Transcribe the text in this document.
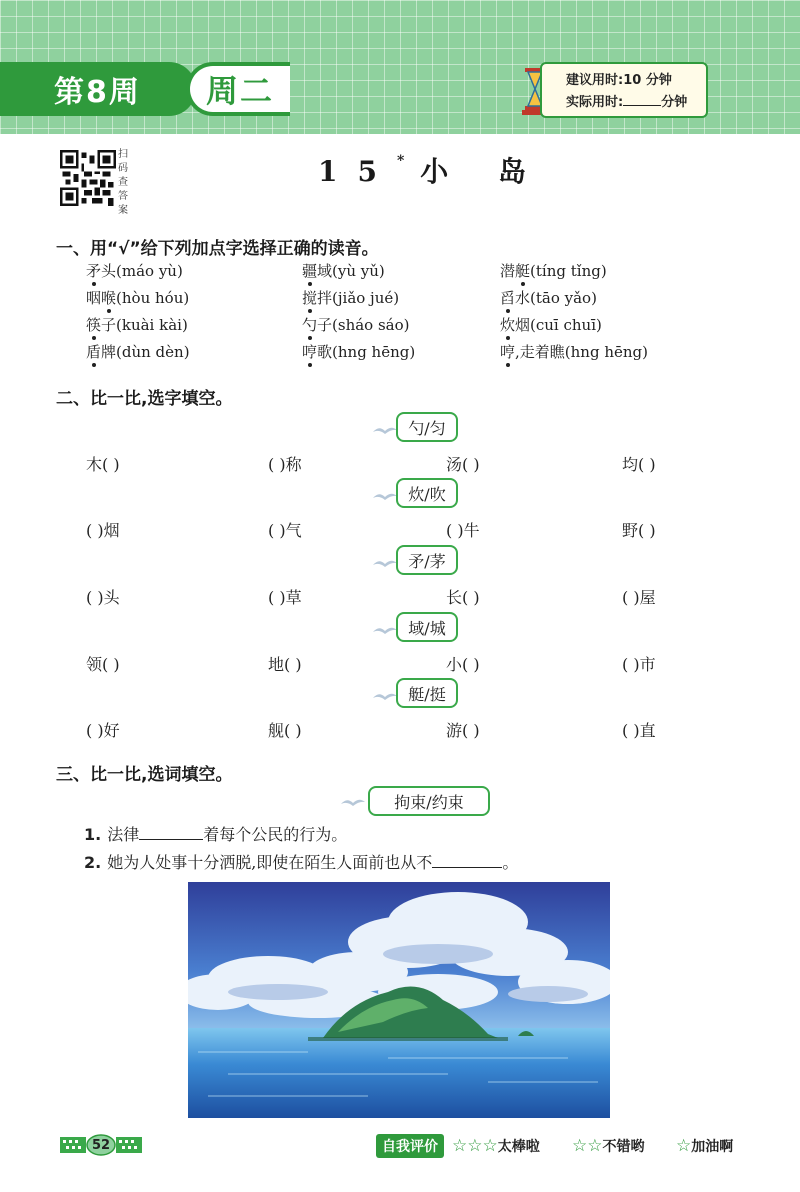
第8周	周二	建议用时:10 分钟
实际用时:	分钟
扫
码
查
答
案
15* 小 岛
一、用“√”给下列加点字选择正确的读音。
矛头(máo yù)	疆域(yù yǔ)	潜艇(tíng tǐng)
咽喉(hòu hóu)	搅拌(jiǎo jué)	舀水(tāo yǎo)
筷子(kuài kài)	勺子(sháo sáo)	炊烟(cuī chuī)
盾牌(dùn dèn)	哼歌(hng hēng)	哼,走着瞧(hng hēng)
二、比一比,选字填空。
勺/匀
木( )	( )称	汤( )	均( )
炊/吹
( )烟	( )气	( )牛	野( )
矛/茅
( )头	( )草	长( )	( )屋
域/城
领( )	地( )	小( )	( )市
艇/挺
( )好	舰( )	游( )	( )直
三、比一比,选词填空。
拘束/约束
1. 法律	着每个公民的行为。
2. 她为人处事十分洒脱,即使在陌生人面前也从不	。
52	自我评价 ☆ ☆ ☆ 太棒啦 ☆ ☆ 不错哟 ☆ 加油啊
